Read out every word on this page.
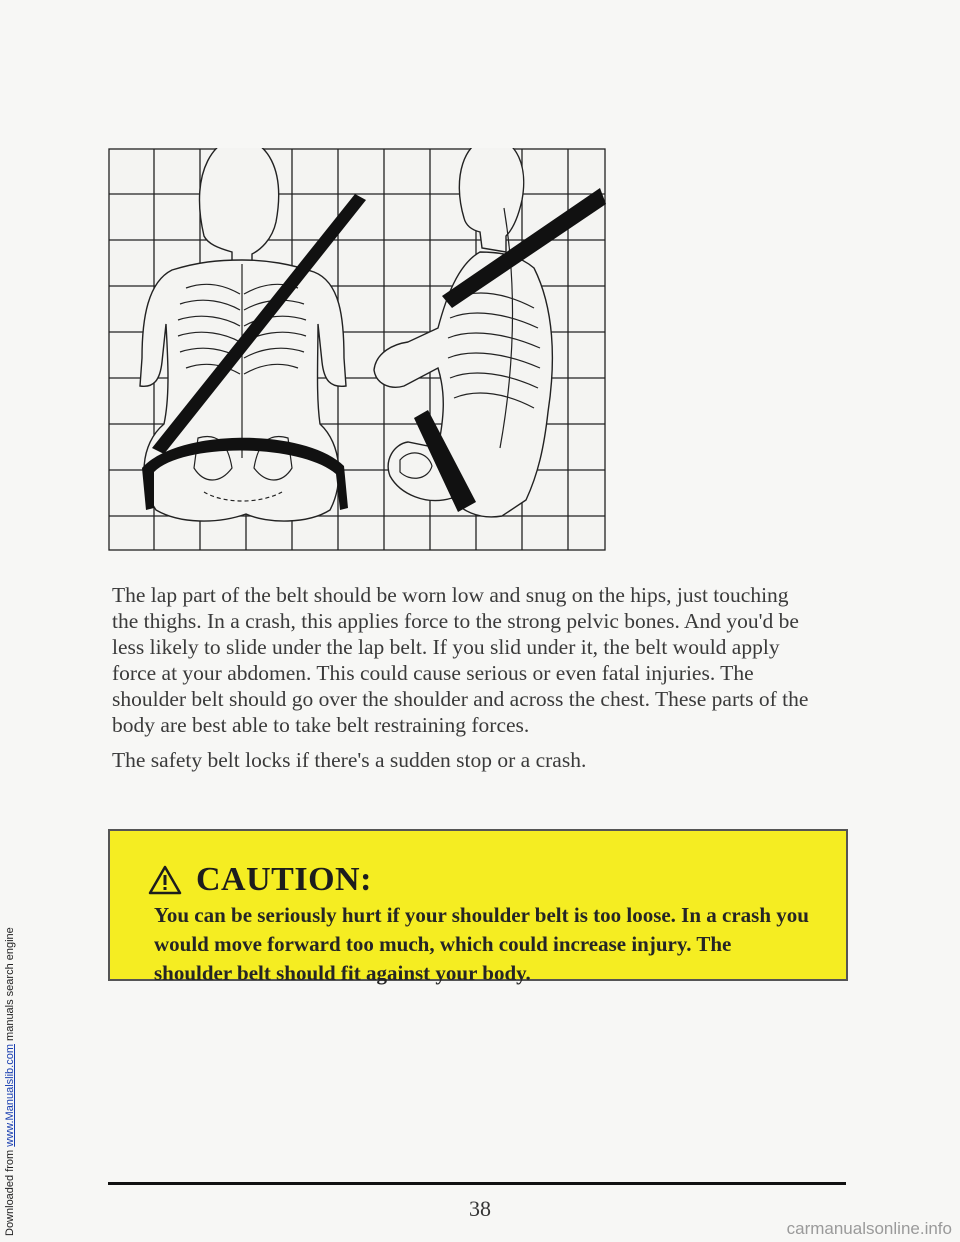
Downloaded from www.Manualslib.com manuals search engine

The lap part of the belt should be worn low and snug on the hips, just touching the thighs. In a crash, this applies force to the strong pelvic bones. And you'd be less likely to slide under the lap belt. If you slid under it, the belt would apply force at your abdomen. This could cause serious or even fatal injuries. The shoulder belt should go over the shoulder and across the chest. These parts of the body are best able to take belt restraining forces.

The safety belt locks if there's a sudden stop or a crash.

CAUTION:
You can be seriously hurt if your shoulder belt is too loose. In a crash you would move forward too much, which could increase injury. The shoulder belt should fit against your body.
38
carmanualsonline.info
